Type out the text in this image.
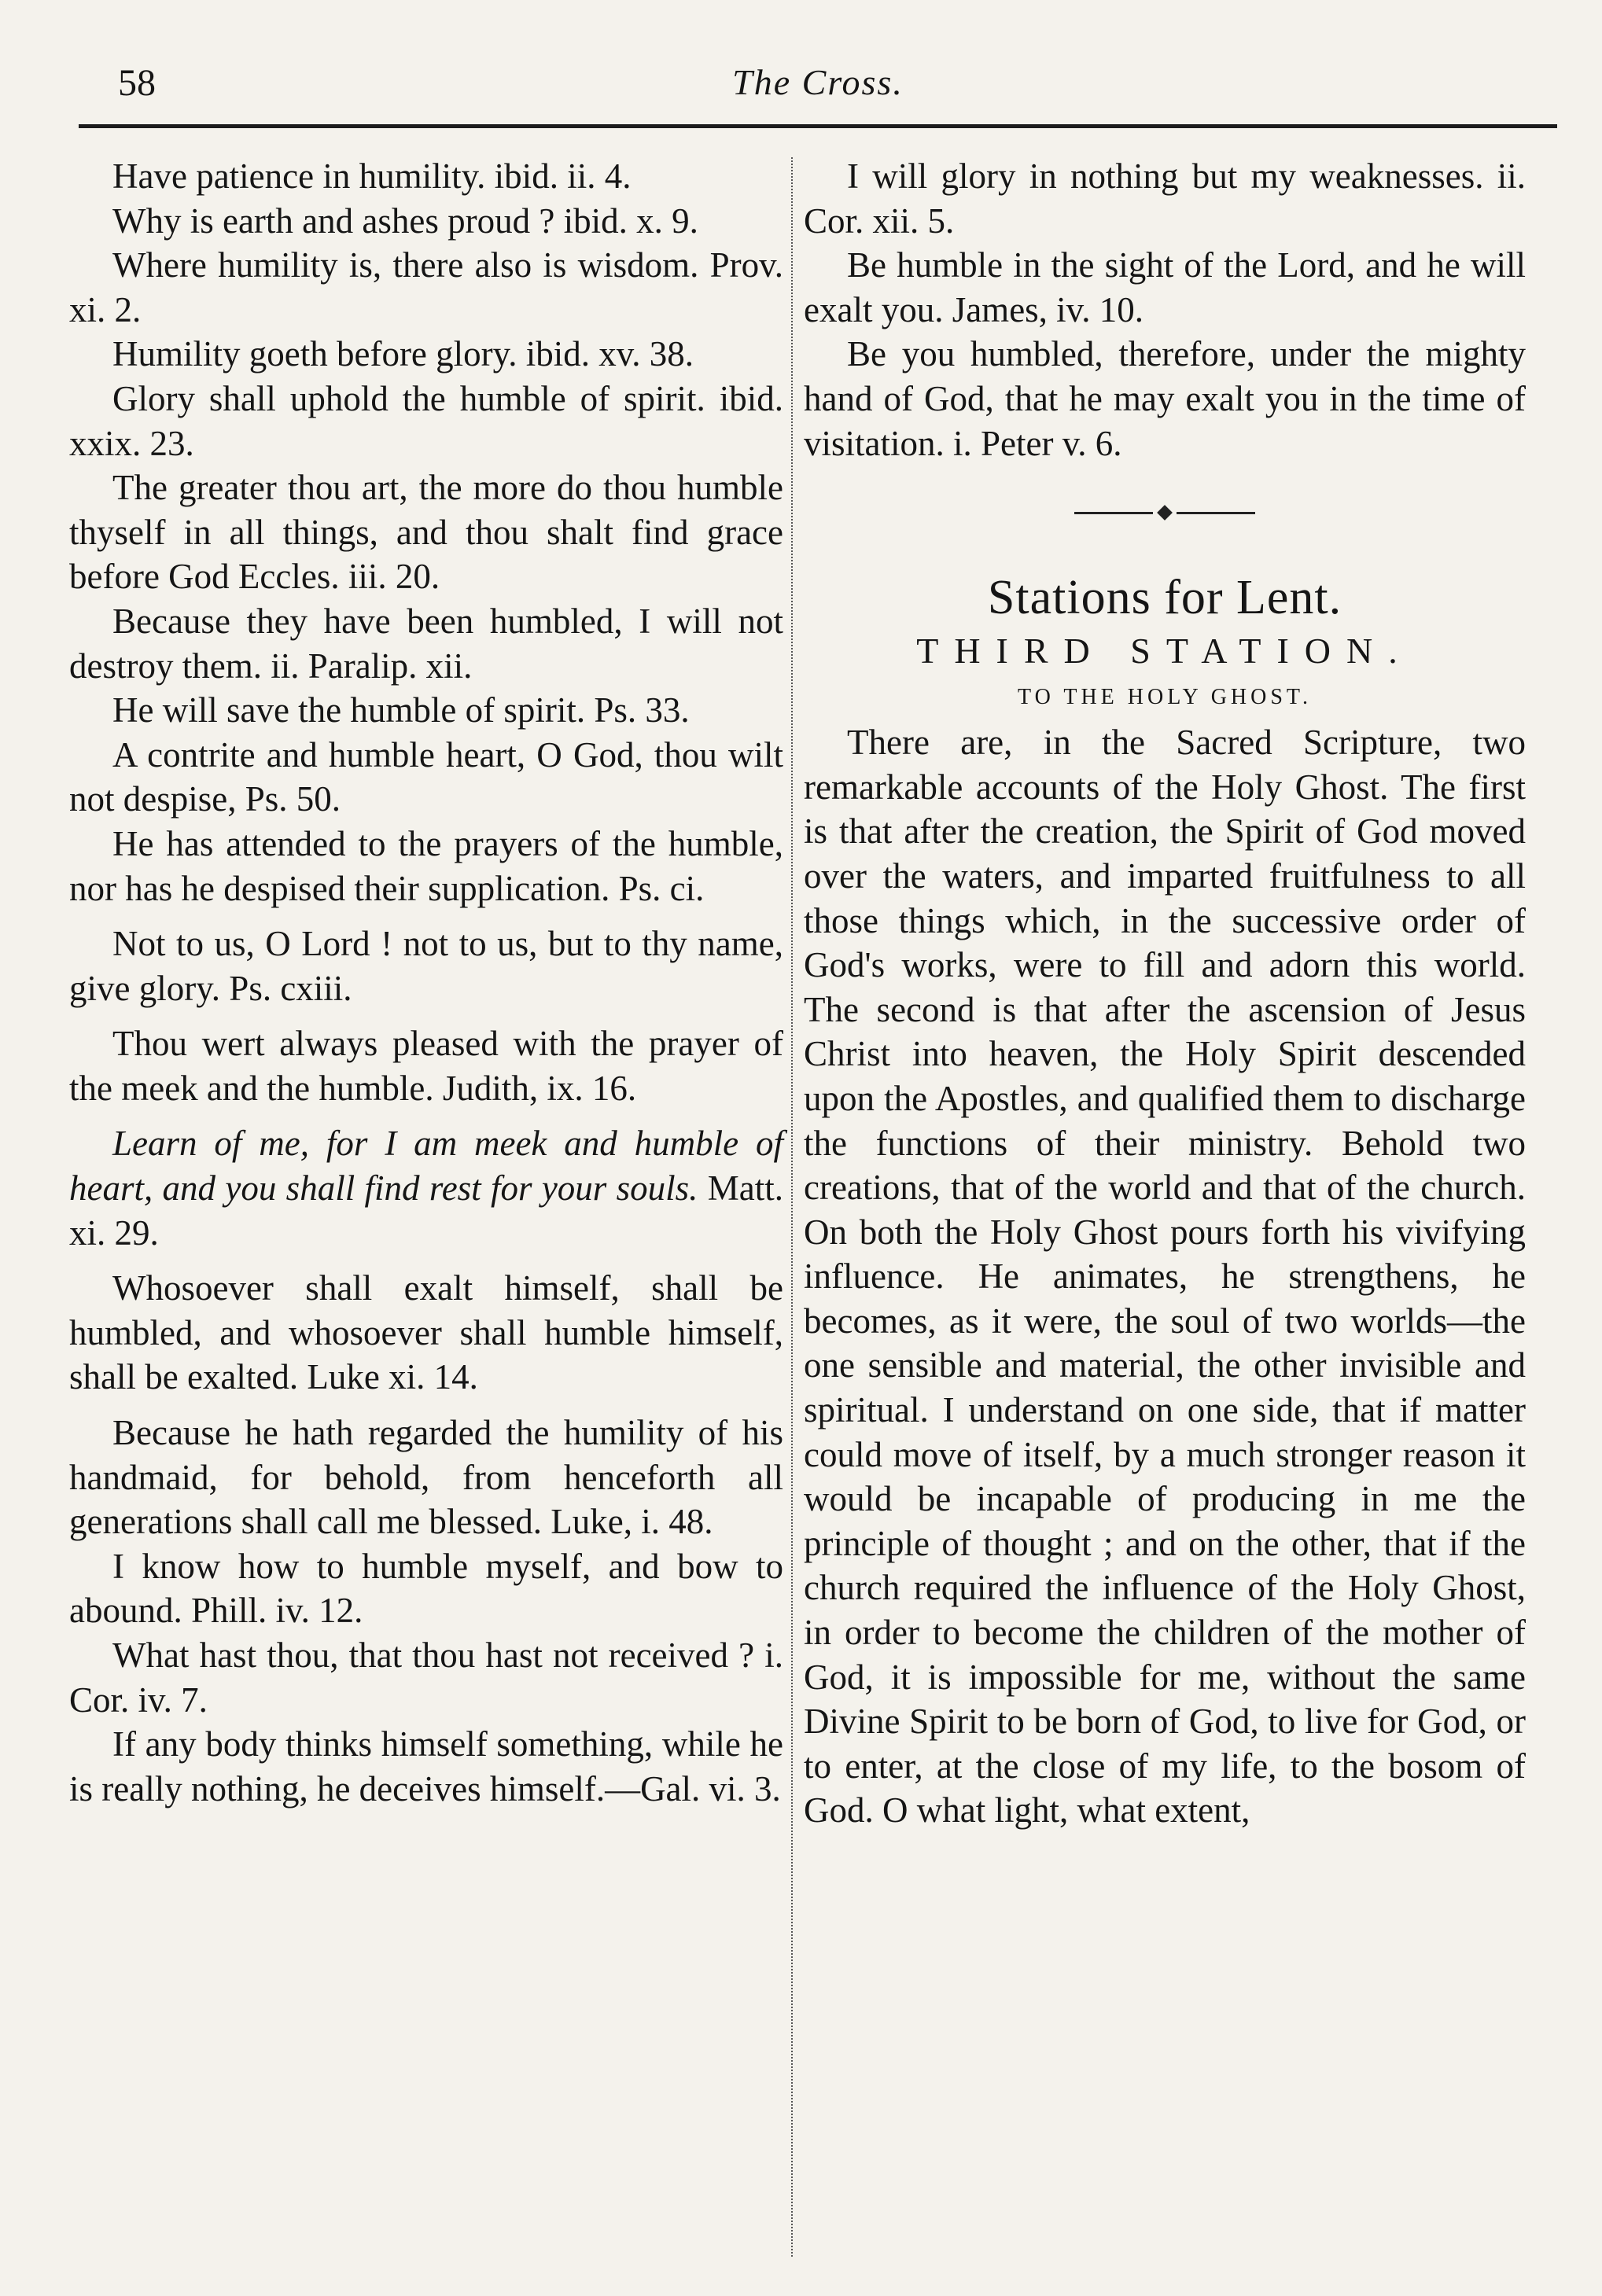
58	The Cross.

Have patience in humility. ibid. ii. 4.

Why is earth and ashes proud ? ibid. x. 9.

Where humility is, there also is wisdom. Prov. xi. 2.

Humility goeth before glory. ibid. xv. 38.

Glory shall uphold the humble of spirit. ibid. xxix. 23.

The greater thou art, the more do thou humble thyself in all things, and thou shalt find grace before God Eccles. iii. 20.

Because they have been humbled, I will not destroy them. ii. Paralip. xii.

He will save the humble of spirit. Ps. 33.

A contrite and humble heart, O God, thou wilt not despise, Ps. 50.

He has attended to the prayers of the humble, nor has he despised their supplication. Ps. ci.

Not to us, O Lord ! not to us, but to thy name, give glory. Ps. cxiii.

Thou wert always pleased with the prayer of the meek and the humble. Judith, ix. 16.

Learn of me, for I am meek and humble of heart, and you shall find rest for your souls. Matt. xi. 29.

Whosoever shall exalt himself, shall be humbled, and whosoever shall humble himself, shall be exalted. Luke xi. 14.

Because he hath regarded the humility of his handmaid, for behold, from henceforth all generations shall call me blessed. Luke, i. 48.

I know how to humble myself, and bow to abound. Phill. iv. 12.

What hast thou, that thou hast not received ? i. Cor. iv. 7.

If any body thinks himself something, while he is really nothing, he deceives himself.—Gal. vi. 3.

I will glory in nothing but my weaknesses. ii. Cor. xii. 5.

Be humble in the sight of the Lord, and he will exalt you. James, iv. 10.

Be you humbled, therefore, under the mighty hand of God, that he may exalt you in the time of visitation. i. Peter v. 6.

Stations for Lent.
THIRD STATION.
TO THE HOLY GHOST.

There are, in the Sacred Scripture, two remarkable accounts of the Holy Ghost. The first is that after the creation, the Spirit of God moved over the waters, and imparted fruitfulness to all those things which, in the successive order of God's works, were to fill and adorn this world. The second is that after the ascension of Jesus Christ into heaven, the Holy Spirit descended upon the Apostles, and qualified them to discharge the functions of their ministry. Behold two creations, that of the world and that of the church. On both the Holy Ghost pours forth his vivifying influence. He animates, he strengthens, he becomes, as it were, the soul of two worlds—the one sensible and material, the other invisible and spiritual. I understand on one side, that if matter could move of itself, by a much stronger reason it would be incapable of producing in me the principle of thought ; and on the other, that if the church required the influence of the Holy Ghost, in order to become the children of the mother of God, it is impossible for me, without the same Divine Spirit to be born of God, to live for God, or to enter, at the close of my life, to the bosom of God. O what light, what extent,
